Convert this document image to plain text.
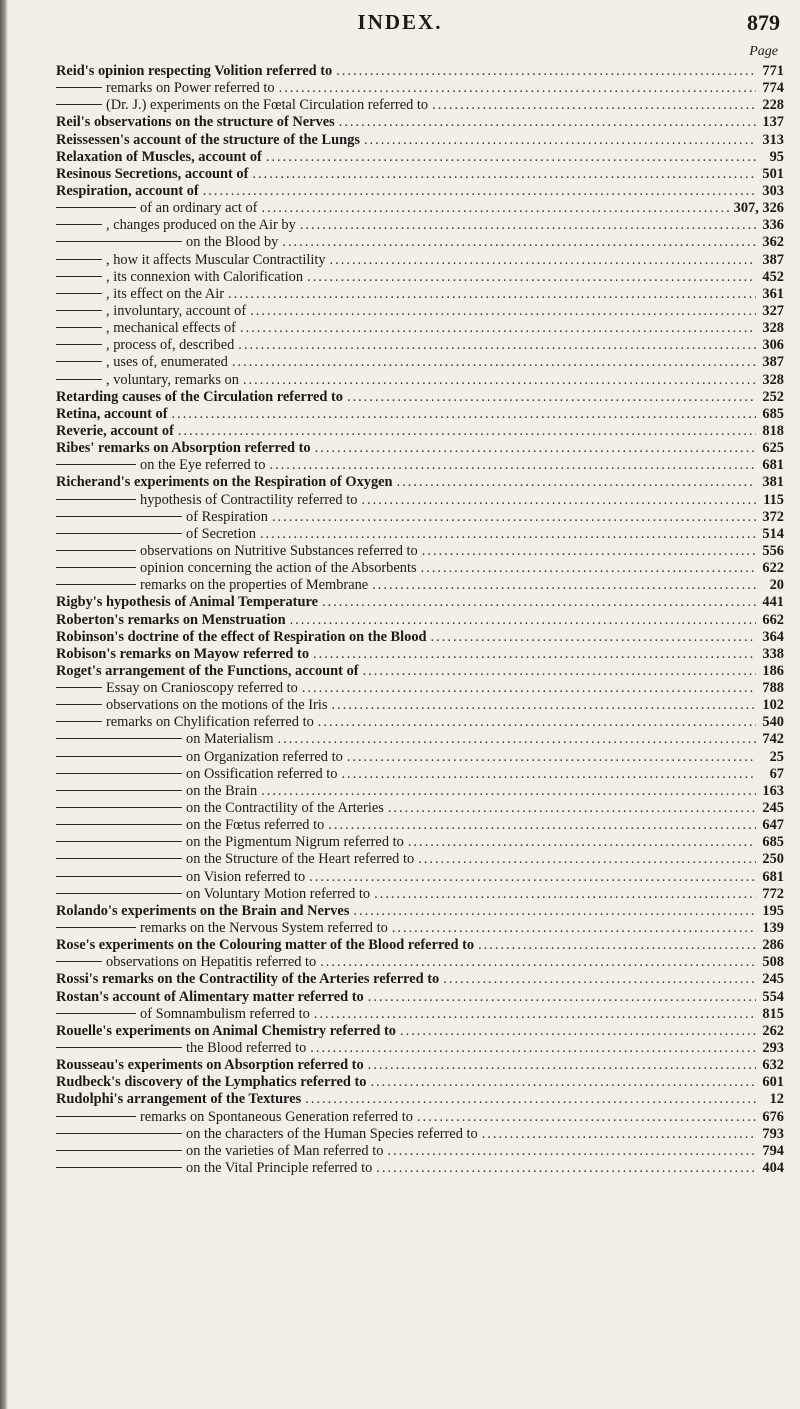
INDEX.	879
Page
Reid's opinion respecting Volition referred to .....	771
remarks on Power referred to .....	774
(Dr. J.) experiments on the Fœtal Circulation referred to .....	228
Reil's observations on the structure of Nerves .....	137
Reissessen's account of the structure of the Lungs .....	313
Relaxation of Muscles, account of .....	95
Resinous Secretions, account of .....	501
Respiration, account of .....	303
of an ordinary act of .....	307, 326
, changes produced on the Air by .....	336
on the Blood by .....	362
, how it affects Muscular Contractility .....	387
, its connexion with Calorification .....	452
, its effect on the Air .....	361
, involuntary, account of .....	327
, mechanical effects of .....	328
, process of, described .....	306
, uses of, enumerated .....	387
, voluntary, remarks on .....	328
Retarding causes of the Circulation referred to .....	252
Retina, account of .....	685
Reverie, account of .....	818
Ribes' remarks on Absorption referred to .....	625
on the Eye referred to .....	681
Richerand's experiments on the Respiration of Oxygen .....	381
hypothesis of Contractility referred to .....	115
of Respiration .....	372
of Secretion .....	514
observations on Nutritive Substances referred to .....	556
opinion concerning the action of the Absorbents .....	622
remarks on the properties of Membrane .....	20
Rigby's hypothesis of Animal Temperature .....	441
Roberton's remarks on Menstruation .....	662
Robinson's doctrine of the effect of Respiration on the Blood .....	364
Robison's remarks on Mayow referred to .....	338
Roget's arrangement of the Functions, account of .....	186
Essay on Cranioscopy referred to .....	788
observations on the motions of the Iris .....	102
remarks on Chylification referred to .....	540
on Materialism .....	742
on Organization referred to .....	25
on Ossification referred to .....	67
on the Brain .....	163
on the Contractility of the Arteries .....	245
on the Fœtus referred to .....	647
on the Pigmentum Nigrum referred to .....	685
on the Structure of the Heart referred to .....	250
on Vision referred to .....	681
on Voluntary Motion referred to .....	772
Rolando's experiments on the Brain and Nerves .....	195
remarks on the Nervous System referred to .....	139
Rose's experiments on the Colouring matter of the Blood referred to .....	286
observations on Hepatitis referred to .....	508
Rossi's remarks on the Contractility of the Arteries referred to .....	245
Rostan's account of Alimentary matter referred to .....	554
of Somnambulism referred to .....	815
Rouelle's experiments on Animal Chemistry referred to .....	262
the Blood referred to .....	293
Rousseau's experiments on Absorption referred to .....	632
Rudbeck's discovery of the Lymphatics referred to .....	601
Rudolphi's arrangement of the Textures .....	12
remarks on Spontaneous Generation referred to .....	676
on the characters of the Human Species referred to .....	793
on the varieties of Man referred to .....	794
on the Vital Principle referred to .....	404
